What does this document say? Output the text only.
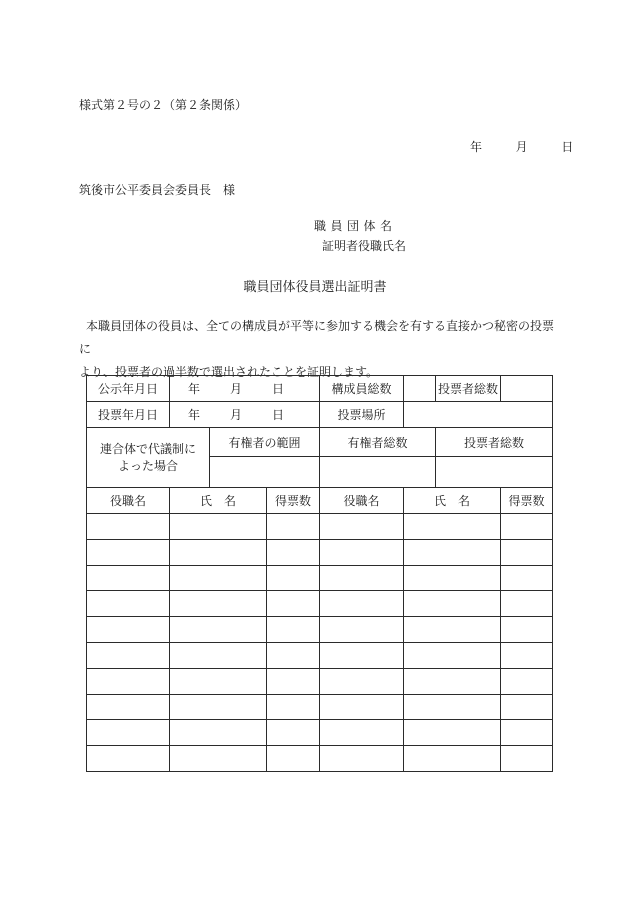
様式第２号の２（第２条関係）
年	月	日
筑後市公平委員会委員長　様
職員団体名
証明者役職氏名
職員団体役員選出証明書

本職員団体の役員は、全ての構成員が平等に参加する機会を有する直接かつ秘密の投票に

より、投票者の過半数で選出されたことを証明します。

公示年月日	年 月 日			構成員総数		投票者総数	
投票年月日	年 月 日			投票場所			
連合体で代議制に
よった場合		有権者の範囲		有権者総数		投票者総数	

役職名	氏　名		得票数	役職名	氏　名		得票数
